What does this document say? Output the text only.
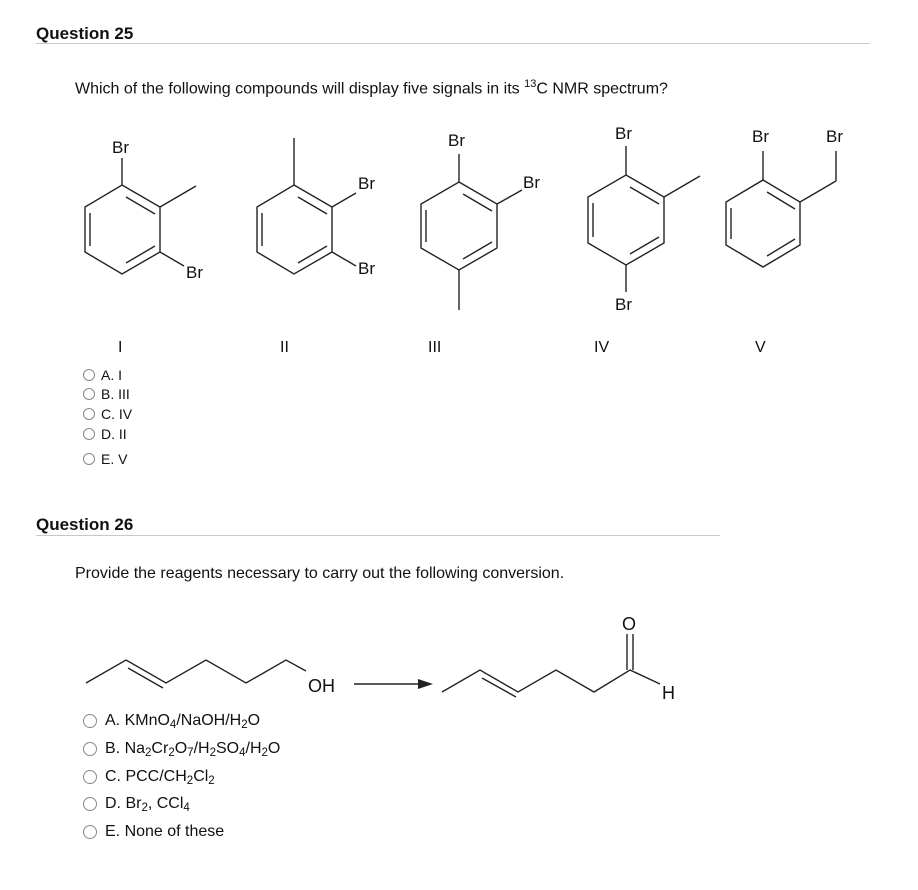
Question 25
Which of the following compounds will display five signals in its $^{13}$C NMR spectrum?
Br
Br
Br
Br
Br
Br
Br
Br
Br	Br
I	II	III	IV	V
A. I
B. III
C. IV
D. II
E. V
Question 26
Provide the reagents necessary to carry out the following conversion.
OH
O
H
A. $KMnO_4/NaOH/H_2O$
B. $Na_2Cr_2O_7/H_2SO_4/H_2O$
C. PCC/$CH_2Cl_2$
D. $Br_2$, CCl$_4$
E. None of these
